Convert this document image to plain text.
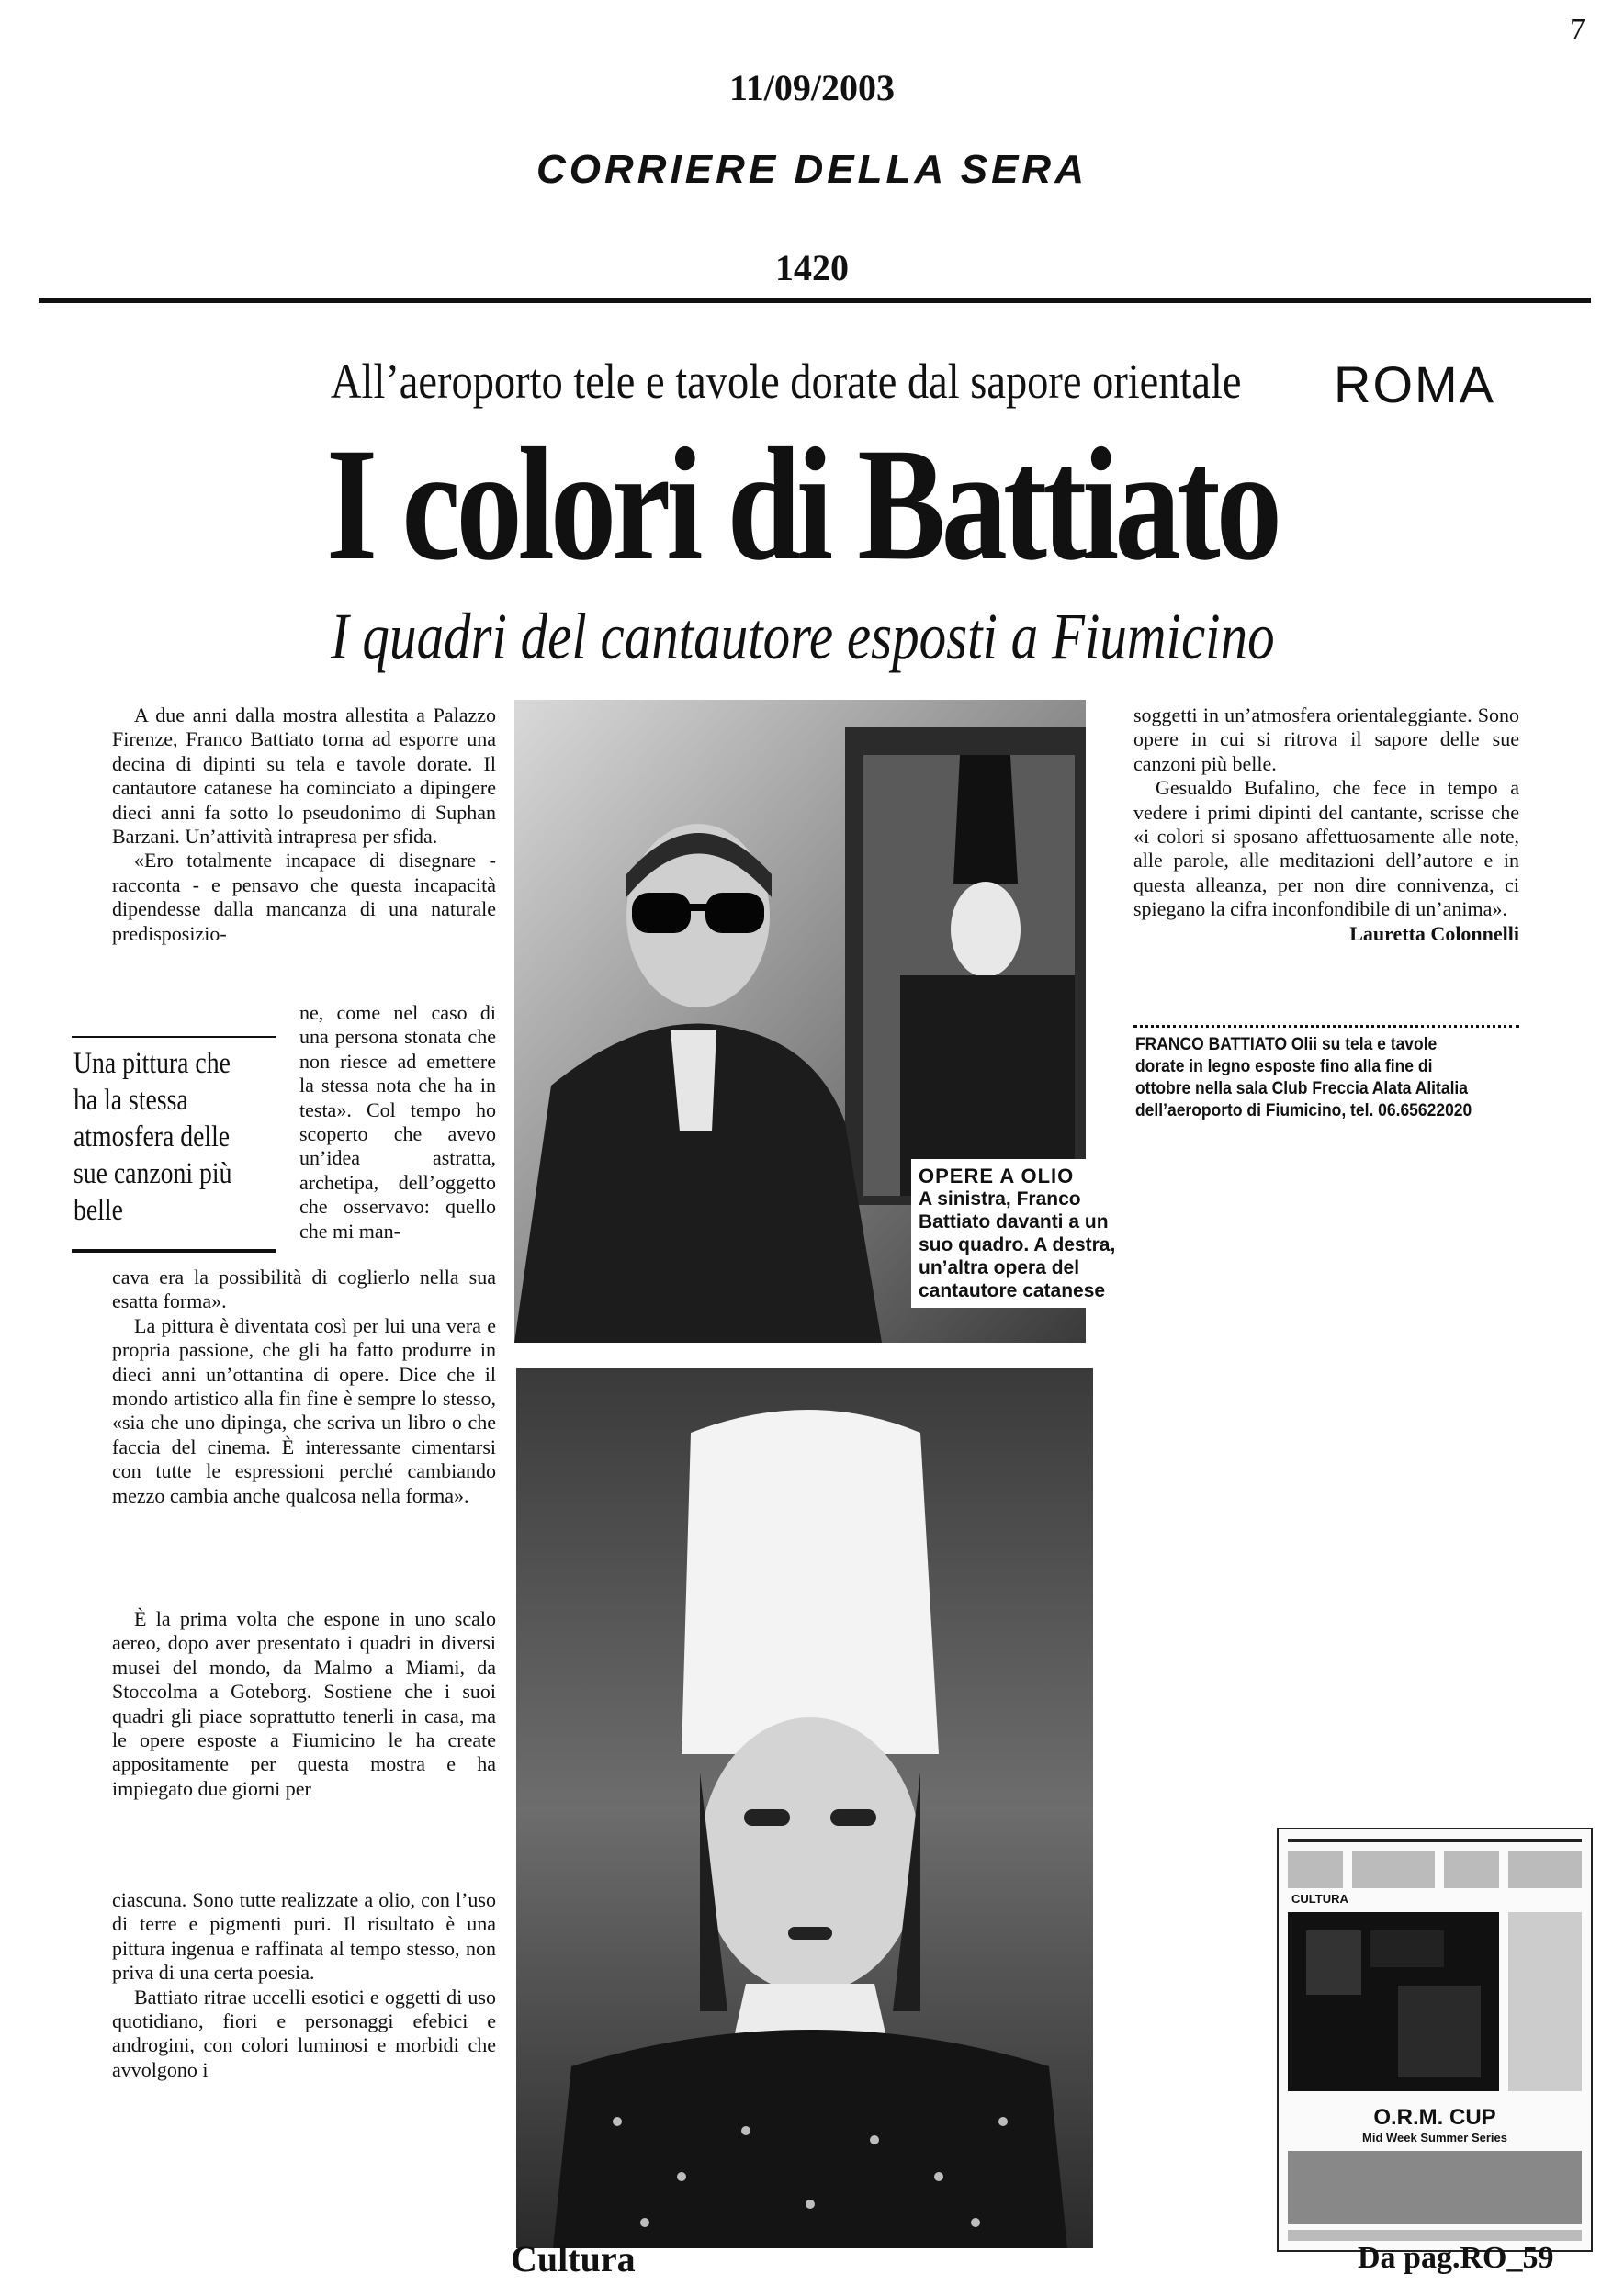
7
11/09/2003
CORRIERE DELLA SERA
1420
All’aeroporto tele e tavole dorate dal sapore orientale ROMA
I colori di Battiato
I quadri del cantautore esposti a Fiumicino

A due anni dalla mostra allestita a Palazzo Firenze, Franco Battiato torna ad esporre una decina di dipinti su tela e tavole dorate. Il cantautore catanese ha cominciato a dipingere dieci anni fa sotto lo pseudonimo di Suphan Barzani. Un’attività intrapresa per sfida.

«Ero totalmente incapace di disegnare - racconta - e pensavo che questa incapacità dipendesse dalla mancanza di una naturale predisposizio-

ne, come nel caso di una persona stonata che non riesce ad emettere la stessa nota che ha in testa». Col tempo ho scoperto che avevo un’idea astratta, archetipa, dell’oggetto che osservavo: quello che mi man-

cava era la possibilità di coglierlo nella sua esatta forma».

La pittura è diventata così per lui una vera e propria passione, che gli ha fatto produrre in dieci anni un’ottantina di opere. Dice che il mondo artistico alla fin fine è sempre lo stesso, «sia che uno dipinga, che scriva un libro o che faccia del cinema. È interessante cimentarsi con tutte le espressioni perché cambiando mezzo cambia anche qualcosa nella forma».

Una pittura che ha la stessa atmosfera delle sue canzoni più belle

È la prima volta che espone in uno scalo aereo, dopo aver presentato i quadri in diversi musei del mondo, da Malmo a Miami, da Stoccolma a Goteborg. Sostiene che i suoi quadri gli piace soprattutto tenerli in casa, ma le opere esposte a Fiumicino le ha create appositamente per questa mostra e ha impiegato due giorni per

ciascuna. Sono tutte realizzate a olio, con l’uso di terre e pigmenti puri. Il risultato è una pittura ingenua e raffinata al tempo stesso, non priva di una certa poesia.

Battiato ritrae uccelli esotici e oggetti di uso quotidiano, fiori e personaggi efebici e androgini, con colori luminosi e morbidi che avvolgono i

OPERE A OLIO
A sinistra, Franco Battiato davanti a un suo quadro. A destra, un’altra opera del cantautore catanese

soggetti in un’atmosfera orientaleggiante. Sono opere in cui si ritrova il sapore delle sue canzoni più belle.

Gesualdo Bufalino, che fece in tempo a vedere i primi dipinti del cantante, scrisse che «i colori si sposano affettuosamente alle note, alle parole, alle meditazioni dell’autore e in questa alleanza, per non dire connivenza, ci spiegano la cifra inconfondibile di un’anima».

Lauretta Colonnelli
FRANCO BATTIATO Olii su tela e tavole dorate in legno esposte fino alla fine di ottobre nella sala Club Freccia Alata Alitalia dell’aeroporto di Fiumicino, tel. 06.65622020
CULTURA
O.R.M. CUP
Mid Week Summer Series
Cultura	Da pag.RO_59
